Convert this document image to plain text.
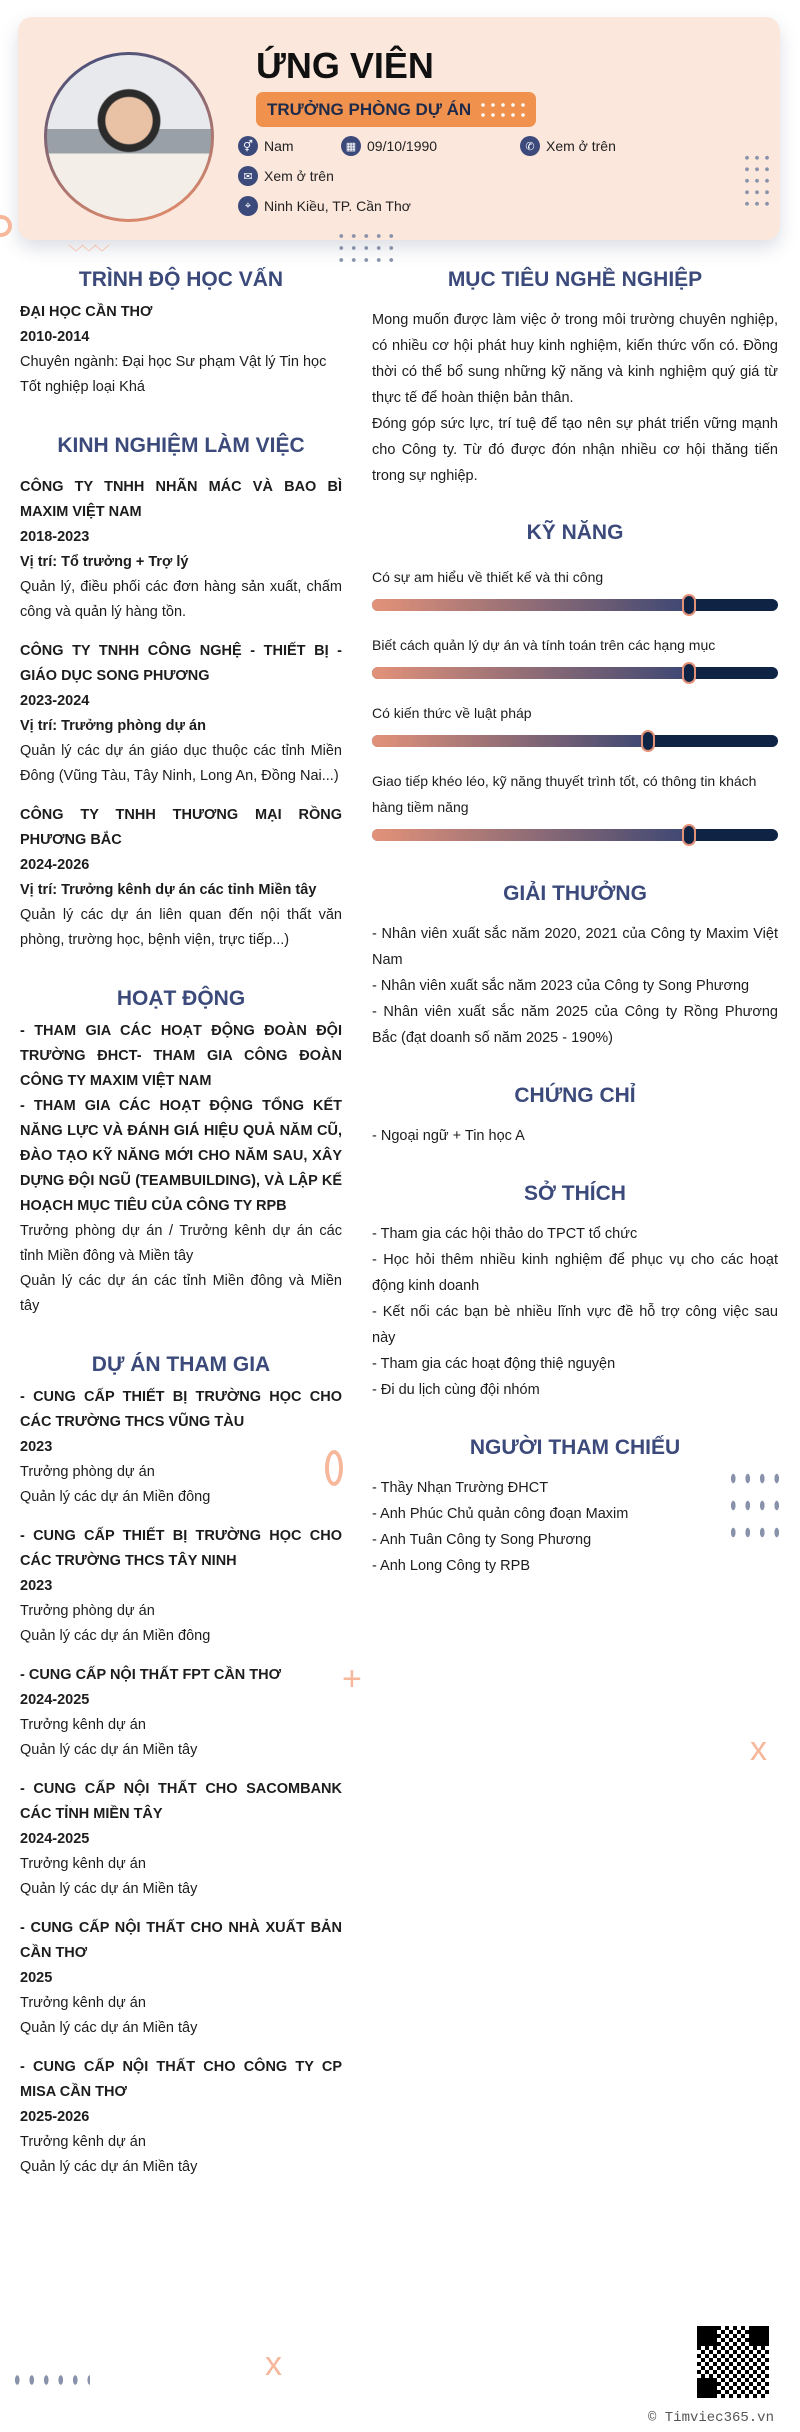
ỨNG VIÊN
TRƯỞNG PHÒNG DỰ ÁN
⚥ Nam	▦ 09/10/1990	✆ Xem ở trên
✉ Xem ở trên
⌖ Ninh Kiều, TP. Cần Thơ
+
x
x
﹀﹀﹀
TRÌNH ĐỘ HỌC VẤN
ĐẠI HỌC CẦN THƠ
2010-2014
Chuyên ngành: Đại học Sư phạm Vật lý Tin học
Tốt nghiệp loại Khá
KINH NGHIỆM LÀM VIỆC
CÔNG TY TNHH NHÃN MÁC VÀ BAO BÌ MAXIM VIỆT NAM
2018-2023
Vị trí: Tổ trưởng + Trợ lý
Quản lý, điều phối các đơn hàng sản xuất, chấm công và quản lý hàng tồn.
CÔNG TY TNHH CÔNG NGHỆ - THIẾT BỊ - GIÁO DỤC SONG PHƯƠNG
2023-2024
Vị trí: Trưởng phòng dự án
Quản lý các dự án giáo dục thuộc các tỉnh Miền Đông (Vũng Tàu, Tây Ninh, Long An, Đồng Nai...)
CÔNG TY TNHH THƯƠNG MẠI RỒNG PHƯƠNG BẮC
2024-2026
Vị trí: Trưởng kênh dự án các tỉnh Miền tây
Quản lý các dự án liên quan đến nội thất văn phòng, trường học, bệnh viện, trực tiếp...)
HOẠT ĐỘNG
- THAM GIA CÁC HOẠT ĐỘNG ĐOÀN ĐỘI TRƯỜNG ĐHCT- THAM GIA CÔNG ĐOÀN CÔNG TY MAXIM VIỆT NAM
- THAM GIA CÁC HOẠT ĐỘNG TỔNG KẾT NĂNG LỰC VÀ ĐÁNH GIÁ HIỆU QUẢ NĂM CŨ, ĐÀO TẠO KỸ NĂNG MỚI CHO NĂM SAU, XÂY DỰNG ĐỘI NGŨ (TEAMBUILDING), VÀ LẬP KẾ HOẠCH MỤC TIÊU CỦA CÔNG TY RPB
Trưởng phòng dự án / Trưởng kênh dự án các tỉnh Miền đông và Miền tây
Quản lý các dự án các tỉnh Miền đông và Miền tây
DỰ ÁN THAM GIA
- CUNG CẤP THIẾT BỊ TRƯỜNG HỌC CHO CÁC TRƯỜNG THCS VŨNG TÀU
2023
Trưởng phòng dự án
Quản lý các dự án Miền đông
- CUNG CẤP THIẾT BỊ TRƯỜNG HỌC CHO CÁC TRƯỜNG THCS TÂY NINH
2023
Trưởng phòng dự án
Quản lý các dự án Miền đông
- CUNG CẤP NỘI THẤT FPT CẦN THƠ
2024-2025
Trưởng kênh dự án
Quản lý các dự án Miền tây
- CUNG CẤP NỘI THẤT CHO SACOMBANK CÁC TỈNH MIỀN TÂY
2024-2025
Trưởng kênh dự án
Quản lý các dự án Miền tây
- CUNG CẤP NỘI THẤT CHO NHÀ XUẤT BẢN CẦN THƠ
2025
Trưởng kênh dự án
Quản lý các dự án Miền tây
- CUNG CẤP NỘI THẤT CHO CÔNG TY CP MISA CẦN THƠ
2025-2026
Trưởng kênh dự án
Quản lý các dự án Miền tây
MỤC TIÊU NGHỀ NGHIỆP
Mong muốn được làm việc ở trong môi trường chuyên nghiệp, có nhiều cơ hội phát huy kinh nghiệm, kiến thức vốn có. Đồng thời có thể bổ sung những kỹ năng và kinh nghiệm quý giá từ thực tế để hoàn thiện bản thân.
Đóng góp sức lực, trí tuệ để tạo nên sự phát triển vững mạnh cho Công ty. Từ đó được đón nhận nhiều cơ hội thăng tiến trong sự nghiệp.
KỸ NĂNG
Có sự am hiểu về thiết kế và thi công
Biết cách quản lý dự án và tính toán trên các hạng mục
Có kiến thức về luật pháp
Giao tiếp khéo léo, kỹ năng thuyết trình tốt, có thông tin khách hàng tiềm năng
GIẢI THƯỞNG
- Nhân viên xuất sắc năm 2020, 2021 của Công ty Maxim Việt Nam
- Nhân viên xuất sắc năm 2023 của Công ty Song Phương
- Nhân viên xuất sắc năm 2025 của Công ty Rồng Phương Bắc (đạt doanh số năm 2025 - 190%)
CHỨNG CHỈ
- Ngoại ngữ + Tin học A
SỞ THÍCH
- Tham gia các hội thảo do TPCT tổ chức
- Học hỏi thêm nhiều kinh nghiệm để phục vụ cho các hoạt động kinh doanh
- Kết nối các bạn bè nhiều lĩnh vực đề hỗ trợ công việc sau này
- Tham gia các hoạt động thiệ nguyện
- Đi du lịch cùng đội nhóm
NGƯỜI THAM CHIẾU
- Thầy Nhạn Trường ĐHCT
- Anh Phúc Chủ quản công đoạn Maxim
- Anh Tuân Công ty Song Phương
- Anh Long Công ty RPB
© Timviec365.vn
